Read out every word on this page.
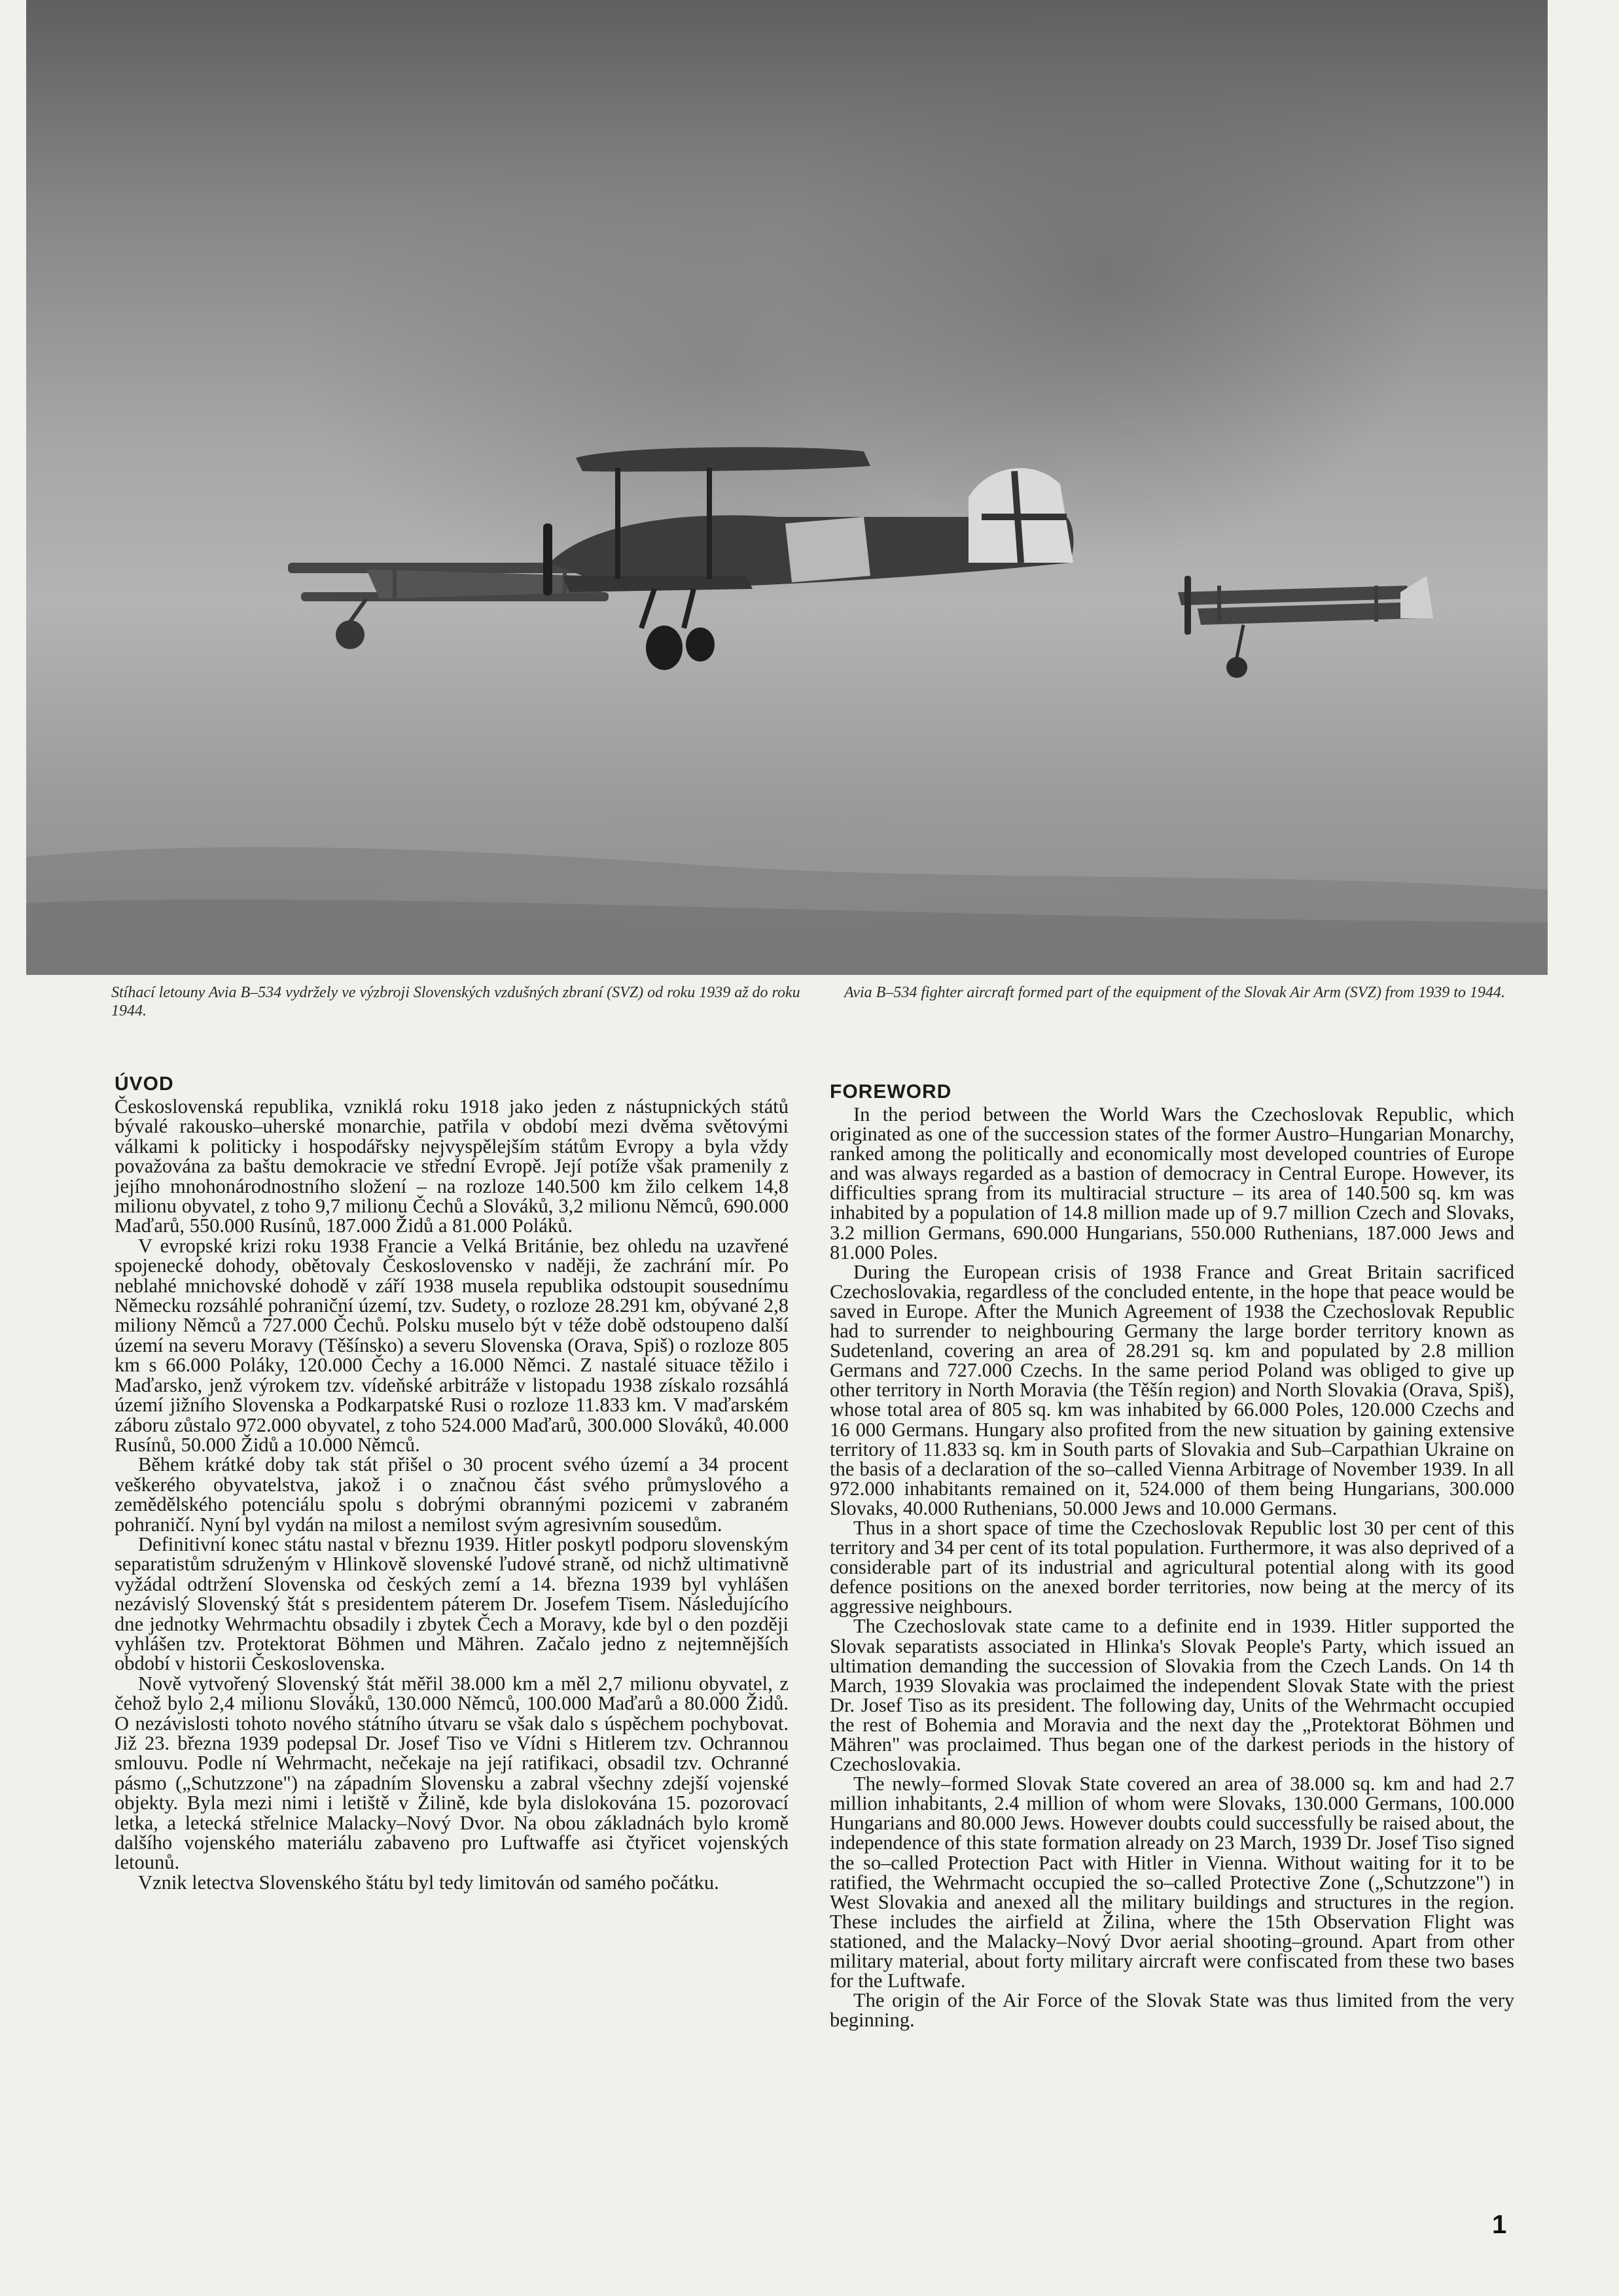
Stíhací letouny Avia B–534 vydržely ve výzbroji Slovenských vzdušných zbraní (SVZ) od roku 1939 až do roku 1944.
Avia B–534 fighter aircraft formed part of the equipment of the Slovak Air Arm (SVZ) from 1939 to 1944.
ÚVOD

Československá republika, vzniklá roku 1918 jako jeden z nástupnických států bývalé rakousko–uherské monarchie, patřila v období mezi dvěma světovými válkami k politicky i hospodářsky nejvyspělejším státům Evropy a byla vždy považována za baštu demokracie ve střední Evropě. Její potíže však pramenily z jejího mnohonárodnostního složení – na rozloze 140.500 km žilo celkem 14,8 milionu obyvatel, z toho 9,7 milionu Čechů a Slováků, 3,2 milionu Němců, 690.000 Maďarů, 550.000 Rusínů, 187.000 Židů a 81.000 Poláků.

V evropské krizi roku 1938 Francie a Velká Británie, bez ohledu na uzavřené spojenecké dohody, obětovaly Československo v naději, že zachrání mír. Po neblahé mnichovské dohodě v září 1938 musela republika odstoupit sousednímu Německu rozsáhlé pohraniční území, tzv. Sudety, o rozloze 28.291 km, obývané 2,8 miliony Němců a 727.000 Čechů. Polsku muselo být v téže době odstoupeno další území na severu Moravy (Těšínsko) a severu Slovenska (Orava, Spiš) o rozloze 805 km s 66.000 Poláky, 120.000 Čechy a 16.000 Němci. Z nastalé situace těžilo i Maďarsko, jenž výrokem tzv. vídeňské arbitráže v listopadu 1938 získalo rozsáhlá území jižního Slovenska a Podkarpatské Rusi o rozloze 11.833 km. V maďarském záboru zůstalo 972.000 obyvatel, z toho 524.000 Maďarů, 300.000 Slováků, 40.000 Rusínů, 50.000 Židů a 10.000 Němců.

Během krátké doby tak stát přišel o 30 procent svého území a 34 procent veškerého obyvatelstva, jakož i o značnou část svého průmyslového a zemědělského potenciálu spolu s dobrými obrannými pozicemi v zabraném pohraničí. Nyní byl vydán na milost a nemilost svým agresivním sousedům.

Definitivní konec státu nastal v březnu 1939. Hitler poskytl podporu slovenským separatistům sdruženým v Hlinkově slovenské ľudové straně, od nichž ultimativně vyžádal odtržení Slovenska od českých zemí a 14. března 1939 byl vyhlášen nezávislý Slovenský štát s presidentem páterem Dr. Josefem Tisem. Následujícího dne jednotky Wehrmachtu obsadily i zbytek Čech a Moravy, kde byl o den později vyhlášen tzv. Protektorat Böhmen und Mähren. Začalo jedno z nejtemnějších období v historii Československa.

Nově vytvořený Slovenský štát měřil 38.000 km a měl 2,7 milionu obyvatel, z čehož bylo 2,4 milionu Slováků, 130.000 Němců, 100.000 Maďarů a 80.000 Židů. O nezávislosti tohoto nového státního útvaru se však dalo s úspěchem pochybovat. Již 23. března 1939 podepsal Dr. Josef Tiso ve Vídni s Hitlerem tzv. Ochrannou smlouvu. Podle ní Wehrmacht, nečekaje na její ratifikaci, obsadil tzv. Ochranné pásmo („Schutzzone") na západním Slovensku a zabral všechny zdejší vojenské objekty. Byla mezi nimi i letiště v Žilině, kde byla dislokována 15. pozorovací letka, a letecká střelnice Malacky–Nový Dvor. Na obou základnách bylo kromě dalšího vojenského materiálu zabaveno pro Luftwaffe asi čtyřicet vojenských letounů.

Vznik letectva Slovenského štátu byl tedy limitován od samého počátku.

FOREWORD

In the period between the World Wars the Czechoslovak Republic, which originated as one of the succession states of the former Austro–Hungarian Monarchy, ranked among the politically and economically most developed countries of Europe and was always regarded as a bastion of democracy in Central Europe. However, its difficulties sprang from its multiracial structure – its area of 140.500 sq. km was inhabited by a population of 14.8 million made up of 9.7 million Czech and Slovaks, 3.2 million Germans, 690.000 Hungarians, 550.000 Ruthenians, 187.000 Jews and 81.000 Poles.

During the European crisis of 1938 France and Great Britain sacrificed Czechoslovakia, regardless of the concluded entente, in the hope that peace would be saved in Europe. After the Munich Agreement of 1938 the Czechoslovak Republic had to surrender to neighbouring Germany the large border territory known as Sudetenland, covering an area of 28.291 sq. km and populated by 2.8 million Germans and 727.000 Czechs. In the same period Poland was obliged to give up other territory in North Moravia (the Těšín region) and North Slovakia (Orava, Spiš), whose total area of 805 sq. km was inhabited by 66.000 Poles, 120.000 Czechs and 16 000 Germans. Hungary also profited from the new situation by gaining extensive territory of 11.833 sq. km in South parts of Slovakia and Sub–Carpathian Ukraine on the basis of a declaration of the so–called Vienna Arbitrage of November 1939. In all 972.000 inhabitants remained on it, 524.000 of them being Hungarians, 300.000 Slovaks, 40.000 Ruthenians, 50.000 Jews and 10.000 Germans.

Thus in a short space of time the Czechoslovak Republic lost 30 per cent of this territory and 34 per cent of its total population. Furthermore, it was also deprived of a considerable part of its industrial and agricultural potential along with its good defence positions on the anexed border territories, now being at the mercy of its aggressive neighbours.

The Czechoslovak state came to a definite end in 1939. Hitler supported the Slovak separatists associated in Hlinka's Slovak People's Party, which issued an ultimation demanding the succession of Slovakia from the Czech Lands. On 14 th March, 1939 Slovakia was proclaimed the independent Slovak State with the priest Dr. Josef Tiso as its president. The following day, Units of the Wehrmacht occupied the rest of Bohemia and Moravia and the next day the „Protektorat Böhmen und Mähren" was proclaimed. Thus began one of the darkest periods in the history of Czechoslovakia.

The newly–formed Slovak State covered an area of 38.000 sq. km and had 2.7 million inhabitants, 2.4 million of whom were Slovaks, 130.000 Germans, 100.000 Hungarians and 80.000 Jews. However doubts could successfully be raised about, the independence of this state formation already on 23 March, 1939 Dr. Josef Tiso signed the so–called Protection Pact with Hitler in Vienna. Without waiting for it to be ratified, the Wehrmacht occupied the so–called Protective Zone („Schutzzone") in West Slovakia and anexed all the military buildings and structures in the region. These includes the airfield at Žilina, where the 15th Observation Flight was stationed, and the Malacky–Nový Dvor aerial shooting–ground. Apart from other military material, about forty military aircraft were confiscated from these two bases for the Luftwafe.

The origin of the Air Force of the Slovak State was thus limited from the very beginning.

1
